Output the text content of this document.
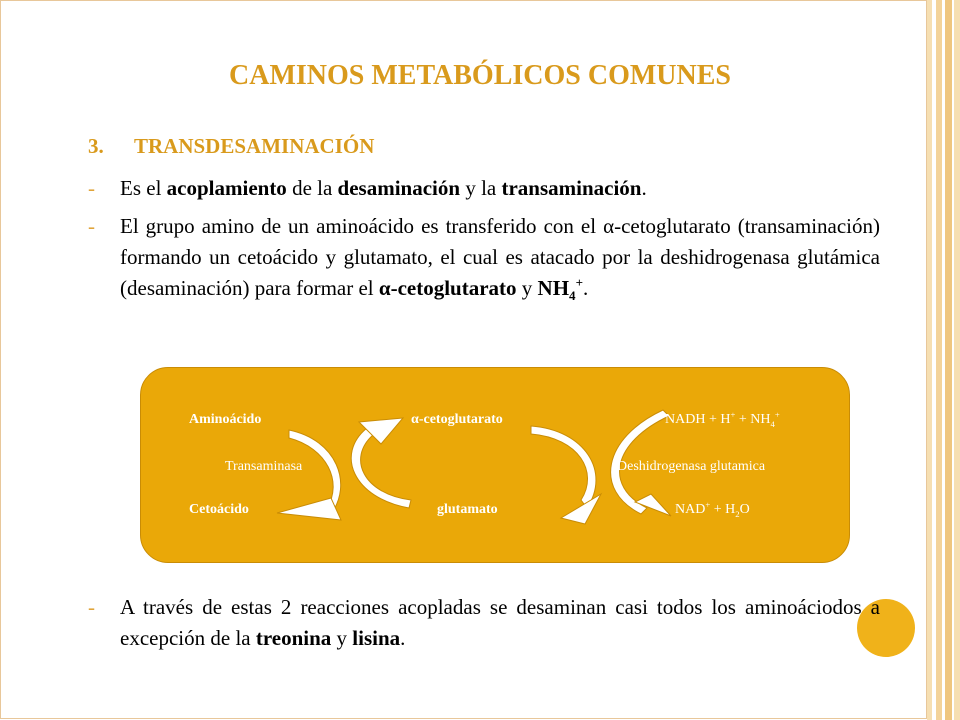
CAMINOS METABÓLICOS COMUNES
3. TRANSDESAMINACIÓN
- Es el acoplamiento de la desaminación y la transaminación.
- El grupo amino de un aminoácido es transferido con el α-cetoglutarato (transaminación) formando un cetoácido y glutamato, el cual es atacado por la deshidrogenasa glutámica (desaminación) para formar el α-cetoglutarato y $NH_4^+$.
Aminoácido
Transaminasa
Cetoácido
α-cetoglutarato
glutamato
NADH + $H^+ + NH_4^+$
Deshidrogenasa glutamica
$NAD^+ + H_2O$
- A través de estas 2 reacciones acopladas se desaminan casi todos los aminoáciodos a excepción de la treonina y lisina.
